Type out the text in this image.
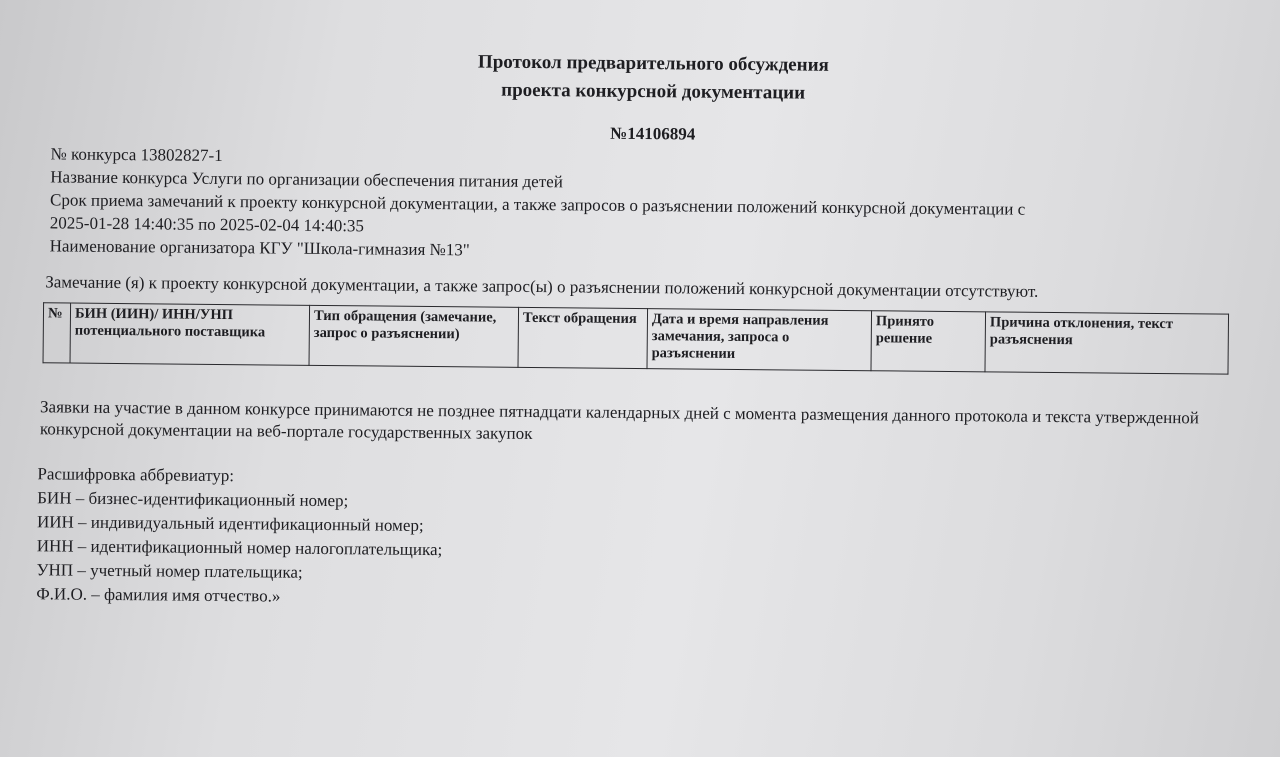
Протокол предварительного обсуждения
проекта конкурсной документации
№14106894
№ конкурса 13802827-1
Название конкурса Услуги по организации обеспечения питания детей
Срок приема замечаний к проекту конкурсной документации, а также запросов о разъяснении положений конкурсной документации с
2025-01-28 14:40:35 по 2025-02-04 14:40:35
Наименование организатора КГУ "Школа-гимназия №13"
Замечание (я) к проекту конкурсной документации, а также запрос(ы) о разъяснении положений конкурсной документации отсутствуют.
№	БИН (ИИН)/ ИНН/УНП потенциального поставщика	Тип обращения (замечание, запрос о разъяснении)	Текст обращения	Дата и время направления замечания, запроса о разъяснении	Принято решение	Причина отклонения, текст разъяснения
Заявки на участие в данном конкурсе принимаются не позднее пятнадцати календарных дней с момента размещения данного протокола и текста утвержденной конкурсной документации на веб-портале государственных закупок
Расшифровка аббревиатур:
БИН – бизнес-идентификационный номер;
ИИН – индивидуальный идентификационный номер;
ИНН – идентификационный номер налогоплательщика;
УНП – учетный номер плательщика;
Ф.И.О. – фамилия имя отчество.»
